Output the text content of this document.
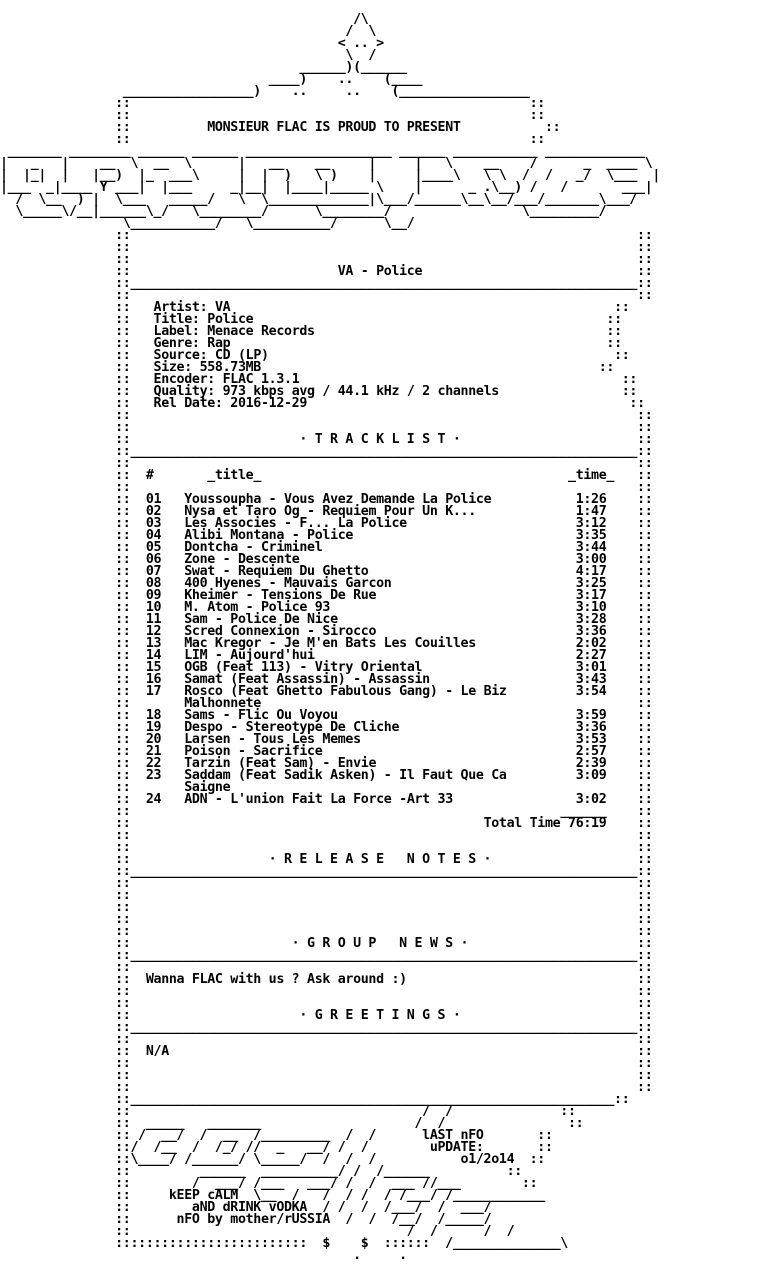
/\
/  \
< .. >
\  /
______)(______
____)    ..    (____
_________________)    ..     ..    (_________________
::                                                    ::
::                                                    ::
::          MONSIEUR FLAC IS PROUD TO PRESENT	::
::                                                    ::
_______ ________ ______ ______ ___________________ ______ ___________ _____________
|   _   |    __  \  __  \      |   __    __     |     |   \    __    /      _  ____ \
|  |_|  |   |__)  |_  ___\     |  |  )   \ )    |     |____\   \ \  /  /   _/  \___  |
|___  _|____ Y ___|  |___     _|__|  |____|_____ \    |      _ .\__) /   /       ___|
/  \__  ) |  \___   _____/   \  \_____________|\___/______\__\__/___/_______\___/
\_____\/__|______\_/   \________/      \________/                 \_________/
\___________/   \__________/      \__/
::                                                                  ::
::                                                                  ::
::                                                                  ::
::                           VA - Police	::
::__________________________________________________________________::
::                                                                  ::
::   Artist: VA	::
::   Title: Police	::
::   Label: Menace Records	::
::   Genre: Rap	::
::   Source: CD (LP)	::
::   Size: 558.73MB	::
::   Encoder: FLAC 1.3.1	::
::   Quality: 973 kbps avg / 44.1 kHz / 2 channels	::
::   Rel Date: 2016-12-29	::
::                                                                  ::
::                                                                  ::
::                      · T R A C K L I S T ·	::
::__________________________________________________________________::
::                                                                  ::
:: #	_title_	_time_ ::
::                                                                  ::
:: 01 Youssoupha - Vous Avez Demande La Police	1:26 ::
:: 02 Nysa et Taro Og - Requiem Pour Un K...	1:47 ::
:: 03 Les Associes - F... La Police	3:12 ::
:: 04 Alibi Montana - Police	3:35 ::
:: 05 Dontcha - Criminel	3:44 ::
:: 06 Zone - Descente	3:00 ::
:: 07 Swat - Requiem Du Ghetto	4:17 ::
:: 08 400 Hyenes - Mauvais Garcon	3:25 ::
:: 09 Kheimer - Tensions De Rue	3:17 ::
:: 10 M. Atom - Police 93	3:10 ::
:: 11 Sam - Police De Nice	3:28 ::
:: 12 Scred Connexion - Sirocco	3:36 ::
:: 13 Mac Kregor - Je M'en Bats Les Couilles	2:02 ::
:: 14 LIM - Aujourd'hui	2:27 ::
:: 15 OGB (Feat 113) - Vitry Oriental	3:01 ::
:: 16 Samat (Feat Assassin) - Assassin	3:43 ::
:: 17 Rosco (Feat Ghetto Fabulous Gang) - Le Biz	3:54 ::
::	Malhonnete	::
:: 18 Sams - Flic Ou Voyou	3:59 ::
:: 19 Despo - Stereotype De Cliche	3:36 ::
:: 20 Larsen - Tous Les Memes	3:53 ::
:: 21 Poison - Sacrifice	2:57 ::
:: 22 Tarzin (Feat Sam) - Envie	2:39 ::
:: 23 Saddam (Feat Sadik Asken) - Il Faut Que Ca	3:09 ::
::	Saigne	::
:: 24 ADN - L'union Fait La Force -Art 33	3:02 ::
::	______ ::
::	Total Time 76:19 ::
::                                                                  ::
::                                                                  ::
::                  · R E L E A S E   N O T E S ·	::
::__________________________________________________________________::
::                                                                  ::
::                                                                  ::
::                                                                  ::
::                                                                  ::
::                                                                  ::
::                     · G R O U P   N E W S ·	::
::__________________________________________________________________::
::                                                                  ::
:: Wanna FLAC with us ? Ask around :)	::
::                                                                  ::
::                                                                  ::
::                      · G R E E T I N G S ·	::
::__________________________________________________________________::
::                                                                  ::
:: N/A	::
::                                                                  ::
::                                                                  ::
::                                                                  ::
::_______________________________________________________________::
::                                      /  /              ::
::  _____   _______                    /  /                ::
:: /  __/  /  __  /_________  /  /      lAST nFO       ::
::/  /__  /  /_/ //  _   __/ /  /        uPDATE:       ::
::\____/ /______/ \_____/  /  /  /           o1/2o14  ::
::         ______  __________/ /  /______          ::
::        /  ___/ /___   ___/ /  /  ___ //___        ::
::     kEEP cALM  \__  /   /  / /  / /___/ /____________
::        aND dRINK vODKA  / /  /  /___/  /  ___/
::      nFO by mother/rUSSIA  /  /  /__/  /_____/
::                                    /  /      /  /
:::::::::::::::::::::::::  $    $  ::::::  /______________\
.     .
